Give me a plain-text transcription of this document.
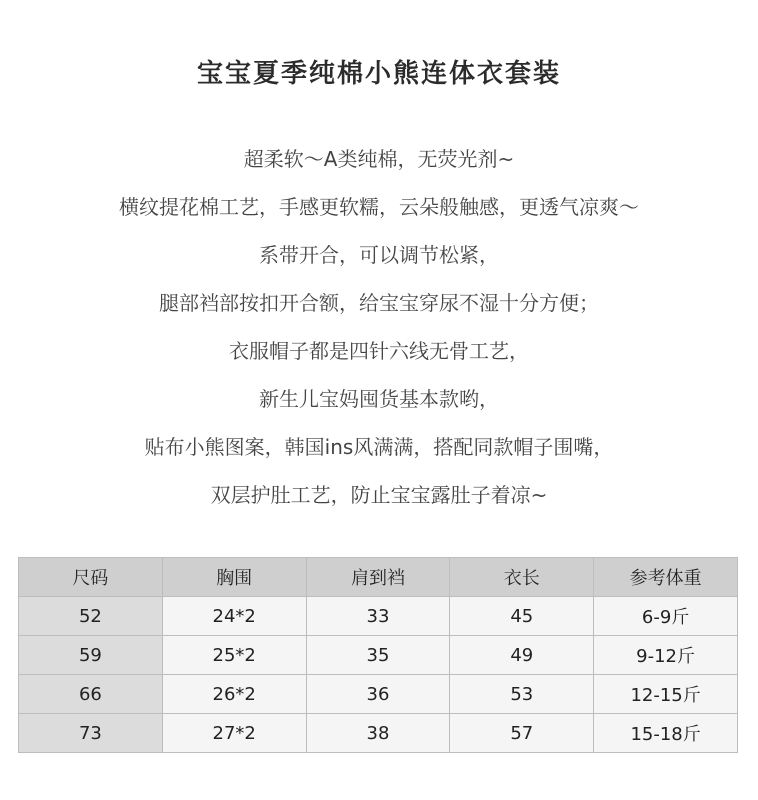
宝宝夏季纯棉小熊连体衣套装
超柔软～A类纯棉，无荧光剂~
横纹提花棉工艺，手感更软糯，云朵般触感，更透气凉爽～
系带开合，可以调节松紧，
腿部裆部按扣开合额，给宝宝穿尿不湿十分方便；
衣服帽子都是四针六线无骨工艺，
新生儿宝妈囤货基本款哟，
贴布小熊图案，韩国ins风满满，搭配同款帽子围嘴，
双层护肚工艺，防止宝宝露肚子着凉~
尺码	胸围	肩到裆	衣长	参考体重
52	24*2	33	45	6-9斤
59	25*2	35	49	9-12斤
66	26*2	36	53	12-15斤
73	27*2	38	57	15-18斤
